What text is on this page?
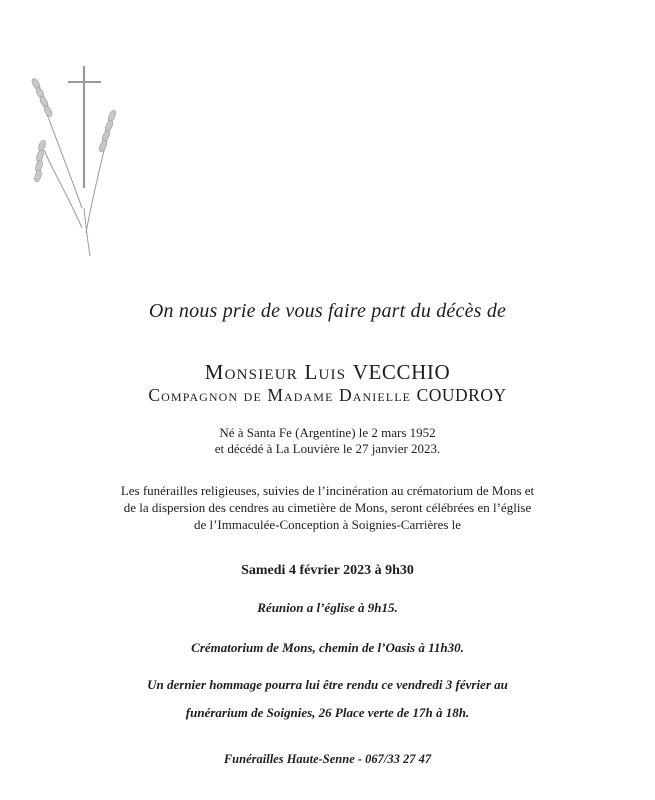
On nous prie de vous faire part du décès de
Monsieur Luis VECCHIO
Compagnon de Madame Danielle COUDROY
Né à Santa Fe (Argentine) le 2 mars 1952
et décédé à La Louvière le 27 janvier 2023.
Les funérailles religieuses, suivies de l’incinération au crématorium de Mons et
de la dispersion des cendres au cimetière de Mons, seront célébrées en l’église
de l’Immaculée-Conception à Soignies-Carrières le
Samedi 4 février 2023 à 9h30
Réunion a l’église à 9h15.
Crématorium de Mons, chemin de l’Oasis à 11h30.
Un dernier hommage pourra lui être rendu ce vendredi 3 février au
funérarium de Soignies, 26 Place verte de 17h à 18h.
Funérailles Haute-Senne - 067/33 27 47
